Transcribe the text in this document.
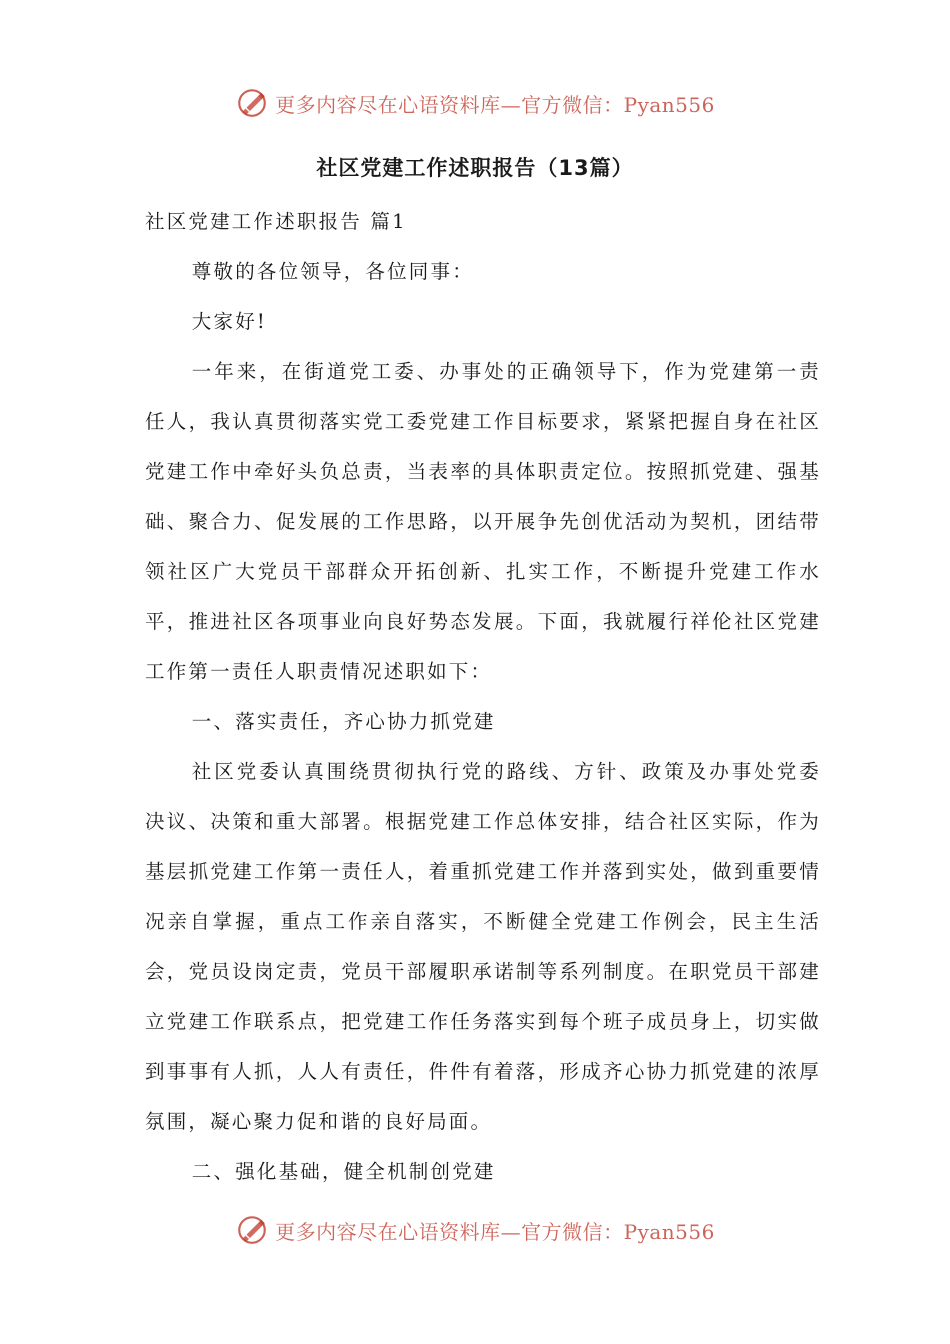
更多内容尽在心语资料库—官方微信：Pyan556
社区党建工作述职报告（13篇）

社区党建工作述职报告 篇1

尊敬的各位领导，各位同事：

大家好!

一年来，在街道党工委、办事处的正确领导下，作为党建第一责任人，我认真贯彻落实党工委党建工作目标要求，紧紧把握自身在社区党建工作中牵好头负总责，当表率的具体职责定位。按照抓党建、强基础、聚合力、促发展的工作思路，以开展争先创优活动为契机，团结带领社区广大党员干部群众开拓创新、扎实工作，不断提升党建工作水平，推进社区各项事业向良好势态发展。下面，我就履行祥伦社区党建工作第一责任人职责情况述职如下：

一、落实责任，齐心协力抓党建

社区党委认真围绕贯彻执行党的路线、方针、政策及办事处党委决议、决策和重大部署。根据党建工作总体安排，结合社区实际，作为基层抓党建工作第一责任人，着重抓党建工作并落到实处，做到重要情况亲自掌握，重点工作亲自落实，不断健全党建工作例会，民主生活会，党员设岗定责，党员干部履职承诺制等系列制度。在职党员干部建立党建工作联系点，把党建工作任务落实到每个班子成员身上，切实做到事事有人抓，人人有责任，件件有着落，形成齐心协力抓党建的浓厚氛围，凝心聚力促和谐的良好局面。

二、强化基础，健全机制创党建

更多内容尽在心语资料库—官方微信：Pyan556
